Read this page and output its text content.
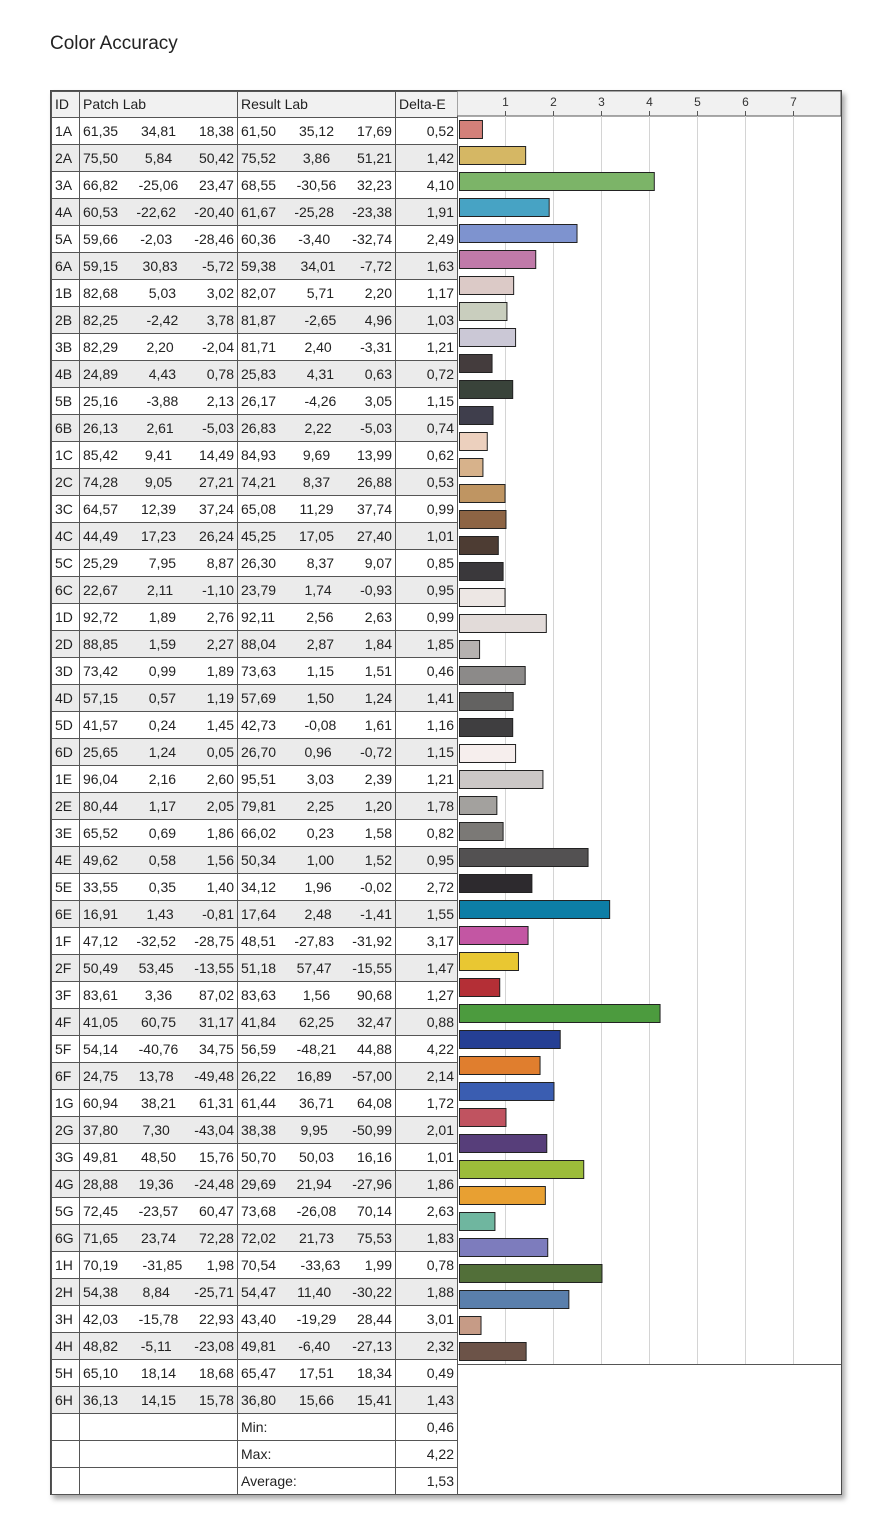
Color Accuracy
ID	Patch Lab	Result Lab	Delta-E
1A	61,35 34,81 18,38	61,50 35,12 17,69	0,52
2A	75,50 5,84 50,42	75,52 3,86 51,21	1,42
3A	66,82 -25,06 23,47	68,55 -30,56 32,23	4,10
4A	60,53 -22,62 -20,40	61,67 -25,28 -23,38	1,91
5A	59,66 -2,03 -28,46	60,36 -3,40 -32,74	2,49
6A	59,15 30,83 -5,72	59,38 34,01 -7,72	1,63
1B	82,68 5,03 3,02	82,07 5,71 2,20	1,17
2B	82,25 -2,42 3,78	81,87 -2,65 4,96	1,03
3B	82,29 2,20 -2,04	81,71 2,40 -3,31	1,21
4B	24,89 4,43 0,78	25,83 4,31 0,63	0,72
5B	25,16 -3,88 2,13	26,17 -4,26 3,05	1,15
6B	26,13 2,61 -5,03	26,83 2,22 -5,03	0,74
1C	85,42 9,41 14,49	84,93 9,69 13,99	0,62
2C	74,28 9,05 27,21	74,21 8,37 26,88	0,53
3C	64,57 12,39 37,24	65,08 11,29 37,74	0,99
4C	44,49 17,23 26,24	45,25 17,05 27,40	1,01
5C	25,29 7,95 8,87	26,30 8,37 9,07	0,85
6C	22,67 2,11 -1,10	23,79 1,74 -0,93	0,95
1D	92,72 1,89 2,76	92,11 2,56 2,63	0,99
2D	88,85 1,59 2,27	88,04 2,87 1,84	1,85
3D	73,42 0,99 1,89	73,63 1,15 1,51	0,46
4D	57,15 0,57 1,19	57,69 1,50 1,24	1,41
5D	41,57 0,24 1,45	42,73 -0,08 1,61	1,16
6D	25,65 1,24 0,05	26,70 0,96 -0,72	1,15
1E	96,04 2,16 2,60	95,51 3,03 2,39	1,21
2E	80,44 1,17 2,05	79,81 2,25 1,20	1,78
3E	65,52 0,69 1,86	66,02 0,23 1,58	0,82
4E	49,62 0,58 1,56	50,34 1,00 1,52	0,95
5E	33,55 0,35 1,40	34,12 1,96 -0,02	2,72
6E	16,91 1,43 -0,81	17,64 2,48 -1,41	1,55
1F	47,12 -32,52 -28,75	48,51 -27,83 -31,92	3,17
2F	50,49 53,45 -13,55	51,18 57,47 -15,55	1,47
3F	83,61 3,36 87,02	83,63 1,56 90,68	1,27
4F	41,05 60,75 31,17	41,84 62,25 32,47	0,88
5F	54,14 -40,76 34,75	56,59 -48,21 44,88	4,22
6F	24,75 13,78 -49,48	26,22 16,89 -57,00	2,14
1G	60,94 38,21 61,31	61,44 36,71 64,08	1,72
2G	37,80 7,30 -43,04	38,38 9,95 -50,99	2,01
3G	49,81 48,50 15,76	50,70 50,03 16,16	1,01
4G	28,88 19,36 -24,48	29,69 21,94 -27,96	1,86
5G	72,45 -23,57 60,47	73,68 -26,08 70,14	2,63
6G	71,65 23,74 72,28	72,02 21,73 75,53	1,83
1H	70,19 -31,85 1,98	70,54 -33,63 1,99	0,78
2H	54,38 8,84 -25,71	54,47 11,40 -30,22	1,88
3H	42,03 -15,78 22,93	43,40 -19,29 28,44	3,01
4H	48,82 -5,11 -23,08	49,81 -6,40 -27,13	2,32
5H	65,10 18,14 18,68	65,47 17,51 18,34	0,49
6H	36,13 14,15 15,78	36,80 15,66 15,41	1,43
		Min:	0,46
		Max:	4,22
		Average:	1,53
1	2	3	4	5	6	7
